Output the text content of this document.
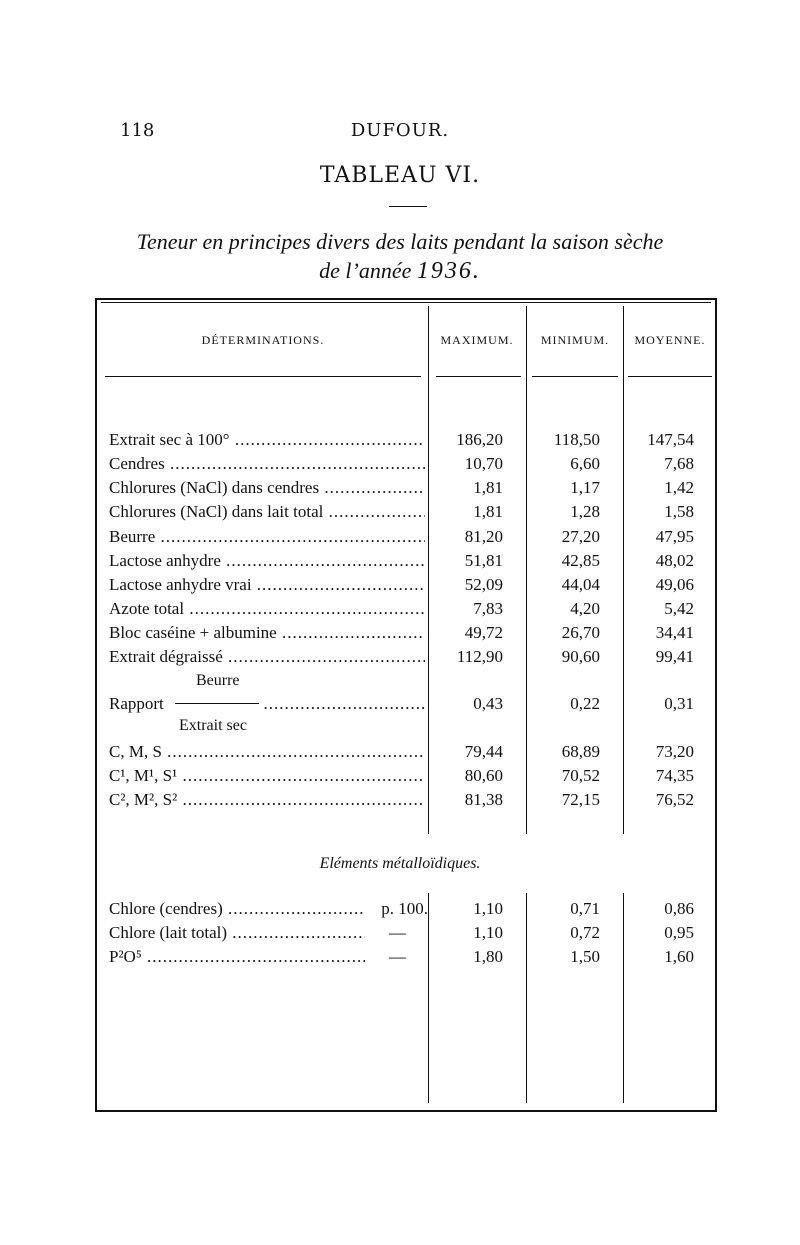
118	DUFOUR.
TABLEAU VI.
Teneur en principes divers des laits pendant la saison sèche
de l’année 1936.
DÉTERMINATIONS.	MAXIMUM.	MINIMUM.	MOYENNE.
Extrait sec à 100° .....	186,20	118,50	147,54
Cendres .....	10,70	6,60	7,68
Chlorures (NaCl) dans cendres .....	1,81	1,17	1,42
Chlorures (NaCl) dans lait total .....	1,81	1,28	1,58
Beurre .....	81,20	27,20	47,95
Lactose anhydre .....	51,81	42,85	48,02
Lactose anhydre vrai .....	52,09	44,04	49,06
Azote total .....	7,83	4,20	5,42
Bloc caséine + albumine .....	49,72	26,70	34,41
Extrait dégraissé .....	112,90	90,60	99,41
Beurre
Rapport .....	0,43	0,22	0,31
Extrait sec
C, M, S .....	79,44	68,89	73,20
C¹, M¹, S¹ .....	80,60	70,52	74,35
C², M², S² .....	81,38	72,15	76,52
Eléments métalloïdiques.
Chlore (cendres) .....	p. 100.	1,10	0,71	0,86
Chlore (lait total) .....	—	1,10	0,72	0,95
P²O⁵ .....	—	1,80	1,50	1,60
